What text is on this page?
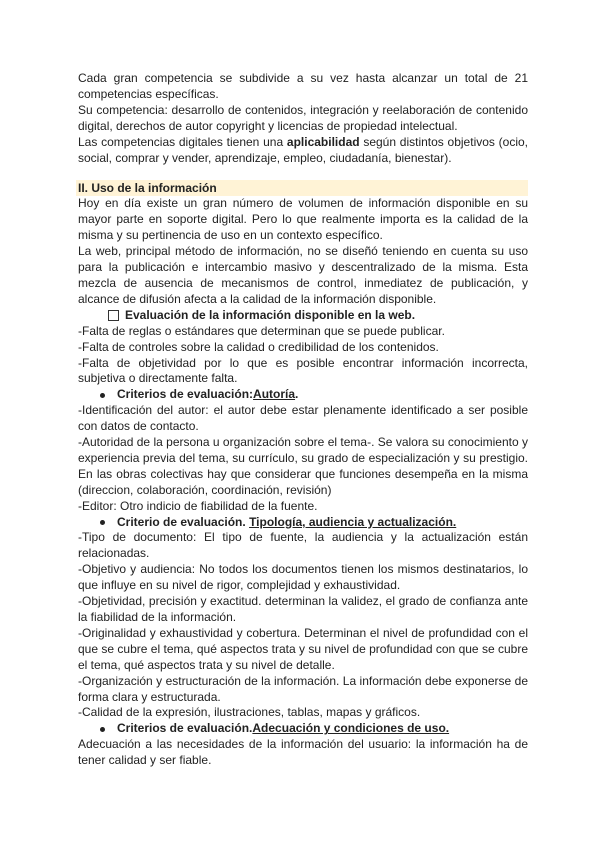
Cada gran competencia se subdivide a su vez hasta alcanzar un total de 21 competencias específicas.

Su competencia: desarrollo de contenidos, integración y reelaboración de contenido digital, derechos de autor copyright y licencias de propiedad intelectual.

Las competencias digitales tienen una aplicabilidad según distintos objetivos (ocio, social, comprar y vender, aprendizaje, empleo, ciudadanía, bienestar).

II. Uso de la información

Hoy en día existe un gran número de volumen de información disponible en su mayor parte en soporte digital. Pero lo que realmente importa es la calidad de la misma y su pertinencia de uso en un contexto específico.

La web, principal método de información, no se diseñó teniendo en cuenta su uso para la publicación e intercambio masivo y descentralizado de la misma. Esta mezcla de ausencia de mecanismos de control, inmediatez de publicación, y alcance de difusión afecta a la calidad de la información disponible.

Evaluación de la información disponible en la web.

-Falta de reglas o estándares que determinan que se puede publicar.

-Falta de controles sobre la calidad o credibilidad de los contenidos.

-Falta de objetividad por lo que es posible encontrar información incorrecta, subjetiva o directamente falta.

Criterios de evaluación: Autoría .

-Identificación del autor: el autor debe estar plenamente identificado a ser posible con datos de contacto.

-Autoridad de la persona u organización sobre el tema-. Se valora su conocimiento y experiencia previa del tema, su currículo, su grado de especialización y su prestigio. En las obras colectivas hay que considerar que funciones desempeña en la misma (direccion, colaboración, coordinación, revisión)

-Editor: Otro indicio de fiabilidad de la fuente.

Criterio de evaluación.
Tipología, audiencia y actualización.

-Tipo de documento: El tipo de fuente, la audiencia y la actualización están relacionadas.

-Objetivo y audiencia: No todos los documentos tienen los mismos destinatarios, lo que influye en su nivel de rigor, complejidad y exhaustividad.

-Objetividad, precisión y exactitud. determinan la validez, el grado de confianza ante la fiabilidad de la información.

-Originalidad y exhaustividad y cobertura. Determinan el nivel de profundidad con el que se cubre el tema, qué aspectos trata y su nivel de profundidad con que se cubre el tema, qué aspectos trata y su nivel de detalle.

-Organización y estructuración de la información. La información debe exponerse de forma clara y estructurada.

-Calidad de la expresión, ilustraciones, tablas, mapas y gráficos.

Criterios de evaluación. Adecuación y condiciones de uso.

Adecuación a las necesidades de la información del usuario: la información ha de tener calidad y ser fiable.
